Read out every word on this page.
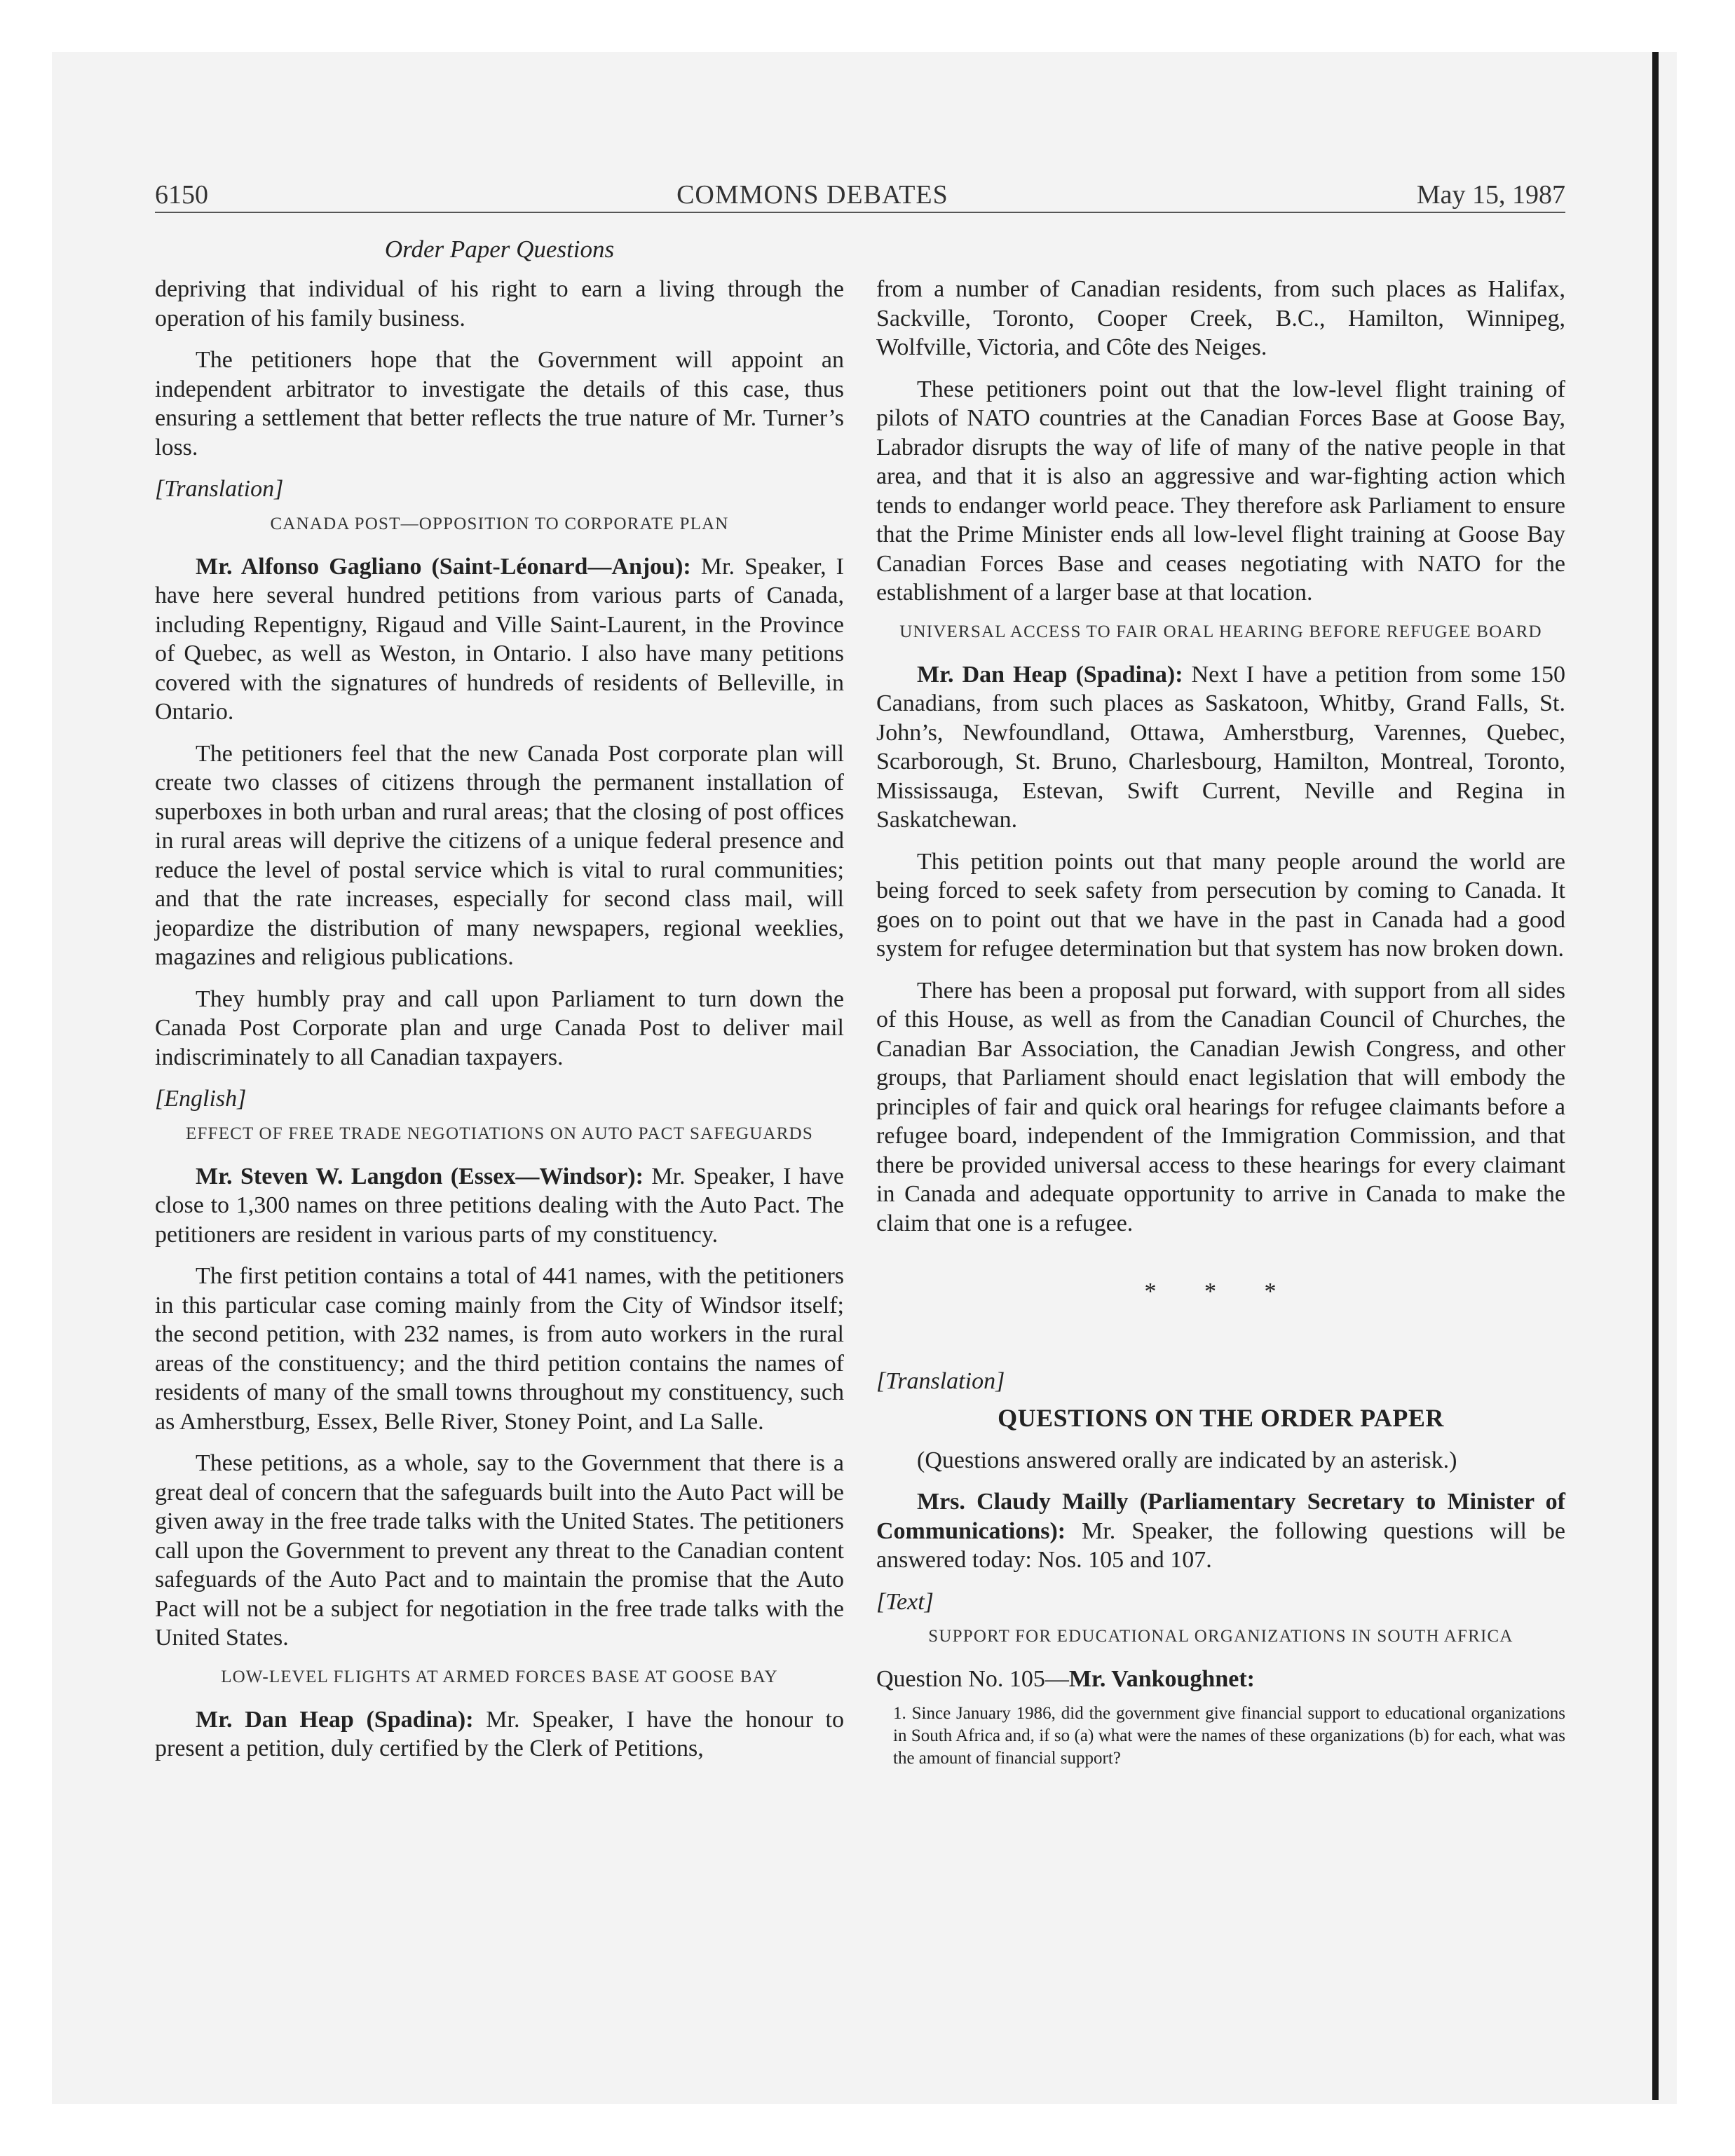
6150	COMMONS DEBATES	May 15, 1987
Order Paper Questions

depriving that individual of his right to earn a living through the operation of his family business.

The petitioners hope that the Government will appoint an independent arbitrator to investigate the details of this case, thus ensuring a settlement that better reflects the true nature of Mr. Turner’s loss.

[Translation]
CANADA POST—OPPOSITION TO CORPORATE PLAN

Mr. Alfonso Gagliano (Saint-Léonard—Anjou): Mr. Speaker, I have here several hundred petitions from various parts of Canada, including Repentigny, Rigaud and Ville Saint-Laurent, in the Province of Quebec, as well as Weston, in Ontario. I also have many petitions covered with the signatures of hundreds of residents of Belleville, in Ontario.

The petitioners feel that the new Canada Post corporate plan will create two classes of citizens through the permanent installation of superboxes in both urban and rural areas; that the closing of post offices in rural areas will deprive the citizens of a unique federal presence and reduce the level of postal service which is vital to rural communities; and that the rate increases, especially for second class mail, will jeopardize the distribution of many newspapers, regional weeklies, magazines and religious publications.

They humbly pray and call upon Parliament to turn down the Canada Post Corporate plan and urge Canada Post to deliver mail indiscriminately to all Canadian taxpayers.

[English]
EFFECT OF FREE TRADE NEGOTIATIONS ON AUTO PACT SAFEGUARDS

Mr. Steven W. Langdon (Essex—Windsor): Mr. Speaker, I have close to 1,300 names on three petitions dealing with the Auto Pact. The petitioners are resident in various parts of my constituency.

The first petition contains a total of 441 names, with the petitioners in this particular case coming mainly from the City of Windsor itself; the second petition, with 232 names, is from auto workers in the rural areas of the constituency; and the third petition contains the names of residents of many of the small towns throughout my constituency, such as Amherstburg, Essex, Belle River, Stoney Point, and La Salle.

These petitions, as a whole, say to the Government that there is a great deal of concern that the safeguards built into the Auto Pact will be given away in the free trade talks with the United States. The petitioners call upon the Government to prevent any threat to the Canadian content safeguards of the Auto Pact and to maintain the promise that the Auto Pact will not be a subject for negotiation in the free trade talks with the United States.

LOW-LEVEL FLIGHTS AT ARMED FORCES BASE AT GOOSE BAY

Mr. Dan Heap (Spadina): Mr. Speaker, I have the honour to present a petition, duly certified by the Clerk of Petitions,

from a number of Canadian residents, from such places as Halifax, Sackville, Toronto, Cooper Creek, B.C., Hamilton, Winnipeg, Wolfville, Victoria, and Côte des Neiges.

These petitioners point out that the low-level flight training of pilots of NATO countries at the Canadian Forces Base at Goose Bay, Labrador disrupts the way of life of many of the native people in that area, and that it is also an aggressive and war-fighting action which tends to endanger world peace. They therefore ask Parliament to ensure that the Prime Minister ends all low-level flight training at Goose Bay Canadian Forces Base and ceases negotiating with NATO for the establishment of a larger base at that location.

UNIVERSAL ACCESS TO FAIR ORAL HEARING BEFORE REFUGEE BOARD

Mr. Dan Heap (Spadina): Next I have a petition from some 150 Canadians, from such places as Saskatoon, Whitby, Grand Falls, St. John’s, Newfoundland, Ottawa, Amherstburg, Varennes, Quebec, Scarborough, St. Bruno, Charlesbourg, Hamilton, Montreal, Toronto, Mississauga, Estevan, Swift Current, Neville and Regina in Saskatchewan.

This petition points out that many people around the world are being forced to seek safety from persecution by coming to Canada. It goes on to point out that we have in the past in Canada had a good system for refugee determination but that system has now broken down.

There has been a proposal put forward, with support from all sides of this House, as well as from the Canadian Council of Churches, the Canadian Bar Association, the Canadian Jewish Congress, and other groups, that Parliament should enact legislation that will embody the principles of fair and quick oral hearings for refugee claimants before a refugee board, independent of the Immigration Commission, and that there be provided universal access to these hearings for every claimant in Canada and adequate opportunity to arrive in Canada to make the claim that one is a refugee.

* * *
[Translation]
QUESTIONS ON THE ORDER PAPER

(Questions answered orally are indicated by an asterisk.)

Mrs. Claudy Mailly (Parliamentary Secretary to Minister of Communications): Mr. Speaker, the following questions will be answered today: Nos. 105 and 107.

[Text]
SUPPORT FOR EDUCATIONAL ORGANIZATIONS IN SOUTH AFRICA
Question No. 105—Mr. Vankoughnet:
1. Since January 1986, did the government give financial support to educational organizations in South Africa and, if so (a) what were the names of these organizations (b) for each, what was the amount of financial support?
